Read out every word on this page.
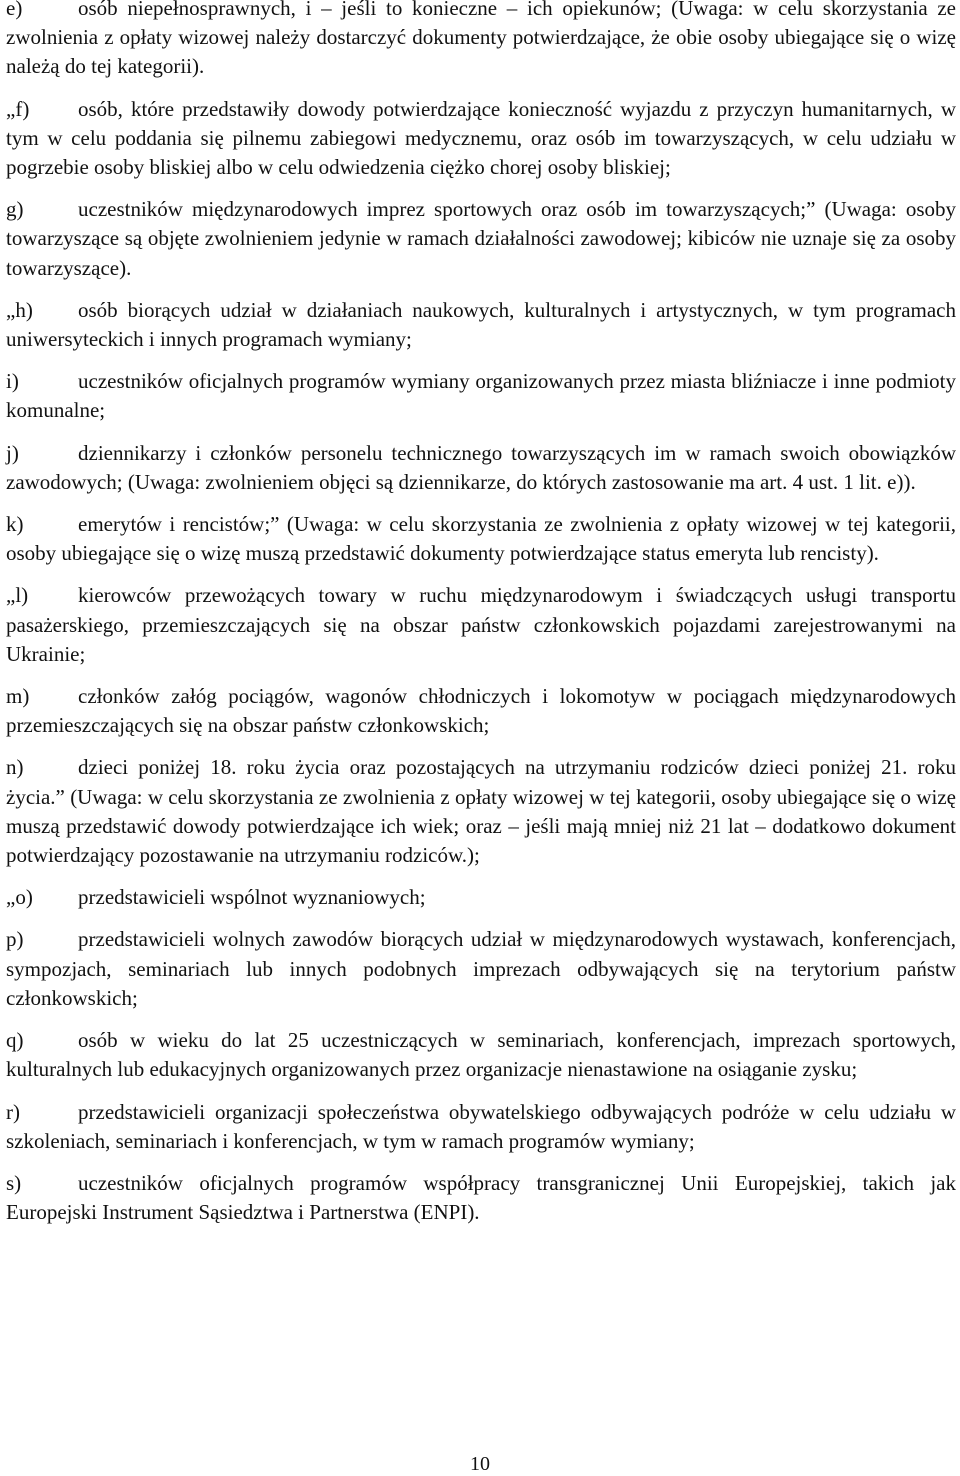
e)	osób niepełnosprawnych, i – jeśli to konieczne – ich opiekunów; (Uwaga: w celu skorzystania ze zwolnienia z opłaty wizowej należy dostarczyć dokumenty potwierdzające, że obie osoby ubiegające się o wizę należą do tej kategorii).

„f) osób, które przedstawiły dowody potwierdzające konieczność wyjazdu z przyczyn humanitarnych, w tym w celu poddania się pilnemu zabiegowi medycznemu, oraz osób im towarzyszących, w celu udziału w pogrzebie osoby bliskiej albo w celu odwiedzenia ciężko chorej osoby bliskiej;

g)	uczestników międzynarodowych imprez sportowych oraz osób im towarzyszących;” (Uwaga: osoby towarzyszące są objęte zwolnieniem jedynie w ramach działalności zawodowej; kibiców nie uznaje się za osoby towarzyszące).

„h) osób biorących udział w działaniach naukowych, kulturalnych i artystycznych, w tym programach uniwersyteckich i innych programach wymiany;

i)	uczestników oficjalnych programów wymiany organizowanych przez miasta bliźniacze i inne podmioty komunalne;

j)	dziennikarzy i członków personelu technicznego towarzyszących im w ramach swoich obowiązków zawodowych; (Uwaga: zwolnieniem objęci są dziennikarze, do których zastosowanie ma art. 4 ust. 1 lit. e)).

k)	emerytów i rencistów;” (Uwaga: w celu skorzystania ze zwolnienia z opłaty wizowej w tej kategorii, osoby ubiegające się o wizę muszą przedstawić dokumenty potwierdzające status emeryta lub rencisty).

„l) kierowców przewożących towary w ruchu międzynarodowym i świadczących usługi transportu pasażerskiego, przemieszczających się na obszar państw członkowskich pojazdami zarejestrowanymi na Ukrainie;

m) członków załóg pociągów, wagonów chłodniczych i lokomotyw w pociągach międzynarodowych przemieszczających się na obszar państw członkowskich;

n)	dzieci poniżej 18. roku życia oraz pozostających na utrzymaniu rodziców dzieci poniżej 21. roku życia.” (Uwaga: w celu skorzystania ze zwolnienia z opłaty wizowej w tej kategorii, osoby ubiegające się o wizę muszą przedstawić dowody potwierdzające ich wiek; oraz – jeśli mają mniej niż 21 lat – dodatkowo dokument potwierdzający pozostawanie na utrzymaniu rodziców.);

„o) przedstawicieli wspólnot wyznaniowych;

p)	przedstawicieli wolnych zawodów biorących udział w międzynarodowych wystawach, konferencjach, sympozjach, seminariach lub innych podobnych imprezach odbywających się na terytorium państw członkowskich;

q)	osób w wieku do lat 25 uczestniczących w seminariach, konferencjach, imprezach sportowych, kulturalnych lub edukacyjnych organizowanych przez organizacje nienastawione na osiąganie zysku;

r)	przedstawicieli organizacji społeczeństwa obywatelskiego odbywających podróże w celu udziału w szkoleniach, seminariach i konferencjach, w tym w ramach programów wymiany;

s)	uczestników oficjalnych programów współpracy transgranicznej Unii Europejskiej, takich jak Europejski Instrument Sąsiedztwa i Partnerstwa (ENPI).

10
